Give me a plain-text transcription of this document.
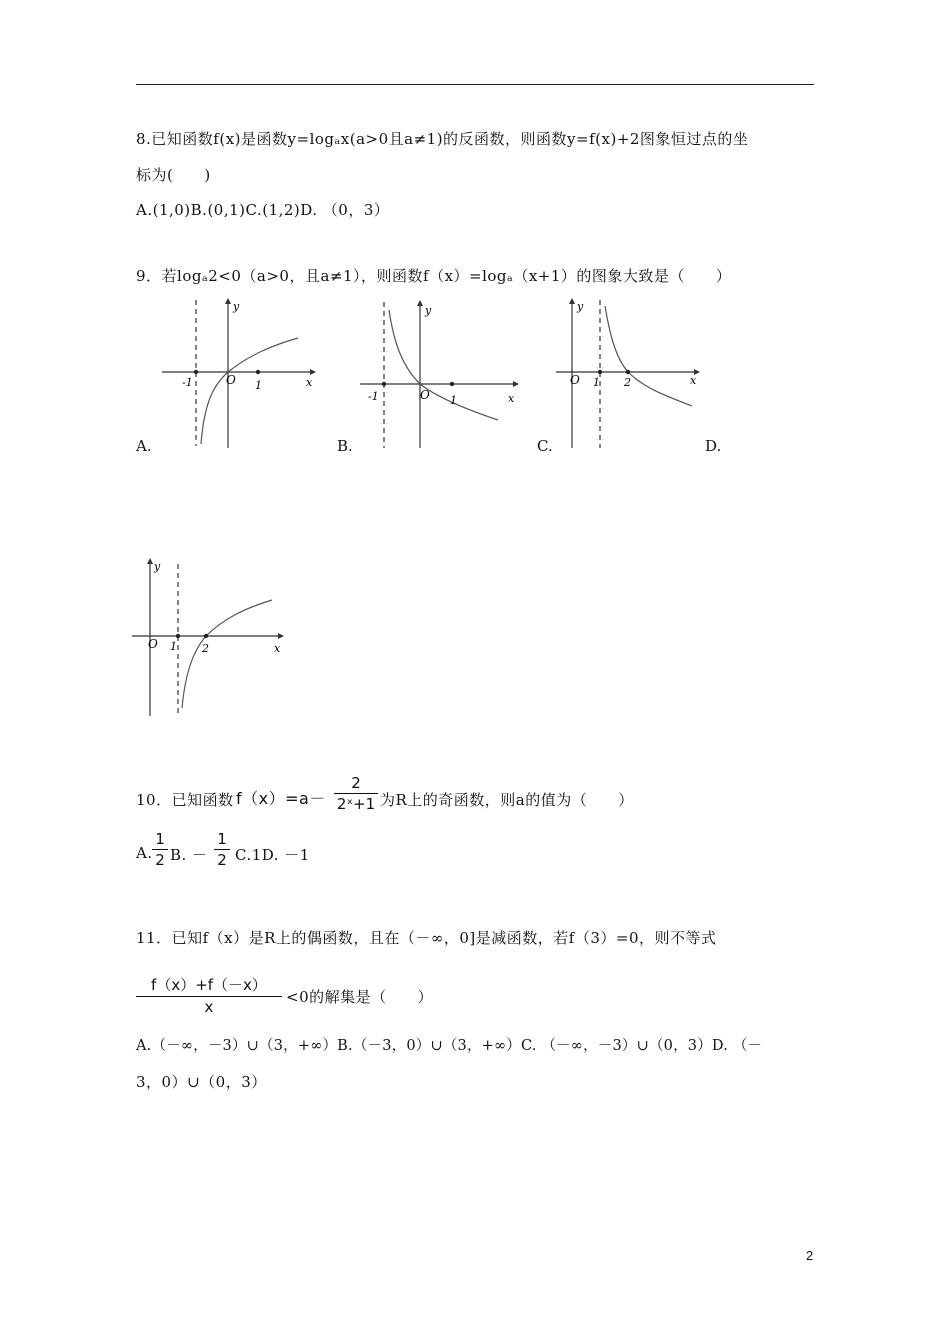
8.已知函数f(x)是函数y=logₐx(a>0且a≠1)的反函数，则函数y=f(x)+2图象恒过点的坐
标为(　　)
A.(1,0)B.(0,1)C.(1,2)D. （0，3）
9．若logₐ2<0（a>0，且a≠1），则函数f（x）=logₐ（x+1）的图象大致是（　　）
y
x
O
-1	1
A.
y
x
O
-1	1
B.
y
x
O 1 2
C.	D.
y
x
O 1 2
10．已知函数 f（x）=a－
2
2ˣ+1 为R上的奇函数，则a的值为（　　）
A.
1
2 B. －
1
2 C.1D. －1
11．已知f（x）是R上的偶函数，且在（－∞，0]是减函数，若f（3）=0，则不等式
f（x）+f（－x）
x
<0的解集是（　　）
A.（－∞，－3）∪（3，+∞）B.（－3，0）∪（3，+∞）C. （－∞，－3）∪（0，3）D. （－
3，0）∪（0，3）
2
